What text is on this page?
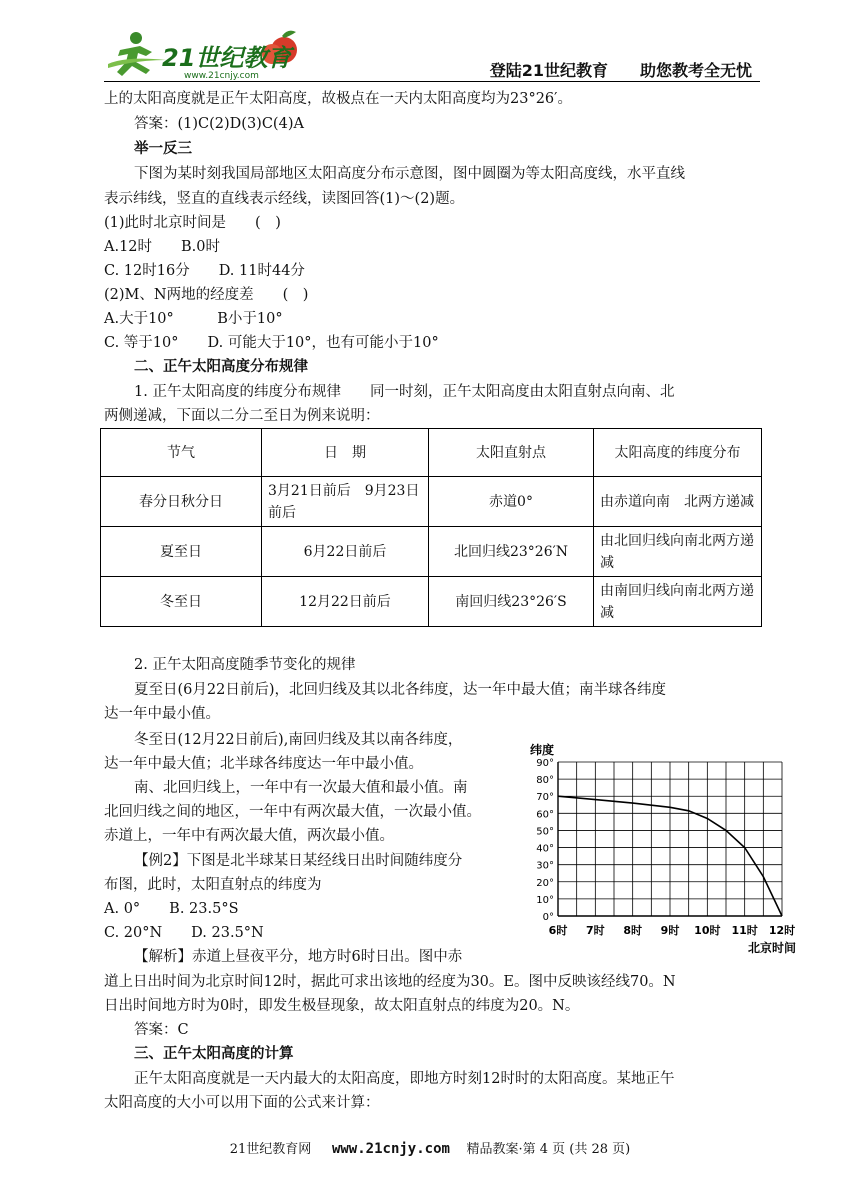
21世纪教育
www.21cnjy.com	登陆21世纪教育　　助您教考全无忧
上的太阳高度就是正午太阳高度，故极点在一天内太阳高度均为23°26′。
答案：(1)C(2)D(3)C(4)A
举一反三
下图为某时刻我国局部地区太阳高度分布示意图，图中圆圈为等太阳高度线，水平直线
表示纬线，竖直的直线表示经线，读图回答(1)～(2)题。
(1)此时北京时间是　　(　)
A.12时　　B.0时
C. 12时16分　　D. 11时44分
(2)M、N两地的经度差　　(　)
A.大于10°　　　B小于10°
C. 等于10°　　D. 可能大于10°，也有可能小于10°
二、正午太阳高度分布规律
1. 正午太阳高度的纬度分布规律　　同一时刻，正午太阳高度由太阳直射点向南、北
两侧递减，下面以二分二至日为例来说明：
节气	日　期	太阳直射点	太阳高度的纬度分布
春分日秋分日	3月21日前后　9月23日前后	赤道0°	由赤道向南　北两方递减
夏至日	6月22日前后	北回归线23°26′N	由北回归线向南北两方递减
冬至日	12月22日前后	南回归线23°26′S	由南回归线向南北两方递减
2. 正午太阳高度随季节变化的规律
夏至日(6月22日前后)，北回归线及其以北各纬度，达一年中最大值；南半球各纬度
达一年中最小值。
冬至日(12月22日前后),南回归线及其以南各纬度，
达一年中最大值；北半球各纬度达一年中最小值。
南、北回归线上，一年中有一次最大值和最小值。南
北回归线之间的地区，一年中有两次最大值，一次最小值。
赤道上，一年中有两次最大值，两次最小值。
【例2】下图是北半球某日某经线日出时间随纬度分
布图，此时，太阳直射点的纬度为
A. 0°　　B. 23.5°S
C. 20°N　　D. 23.5°N
【解析】赤道上昼夜平分，地方时6时日出。图中赤
道上日出时间为北京时间12时，据此可求出该地的经度为30。E。图中反映该经线70。N
日出时间地方时为0时，即发生极昼现象，故太阳直射点的纬度为20。N。
答案：C
三、正午太阳高度的计算
正午太阳高度就是一天内最大的太阳高度，即地方时刻12时时的太阳高度。某地正午
太阳高度的大小可以用下面的公式来计算：
纬度
北京时间
0°
10°
20°
30°
40°
50°
60°
70°
80°
90°
6时 7时 8时 9时 10时 11时 12时
21世纪教育网 www.21cnjy.com 精品教案·第 4 页 (共 28 页)
